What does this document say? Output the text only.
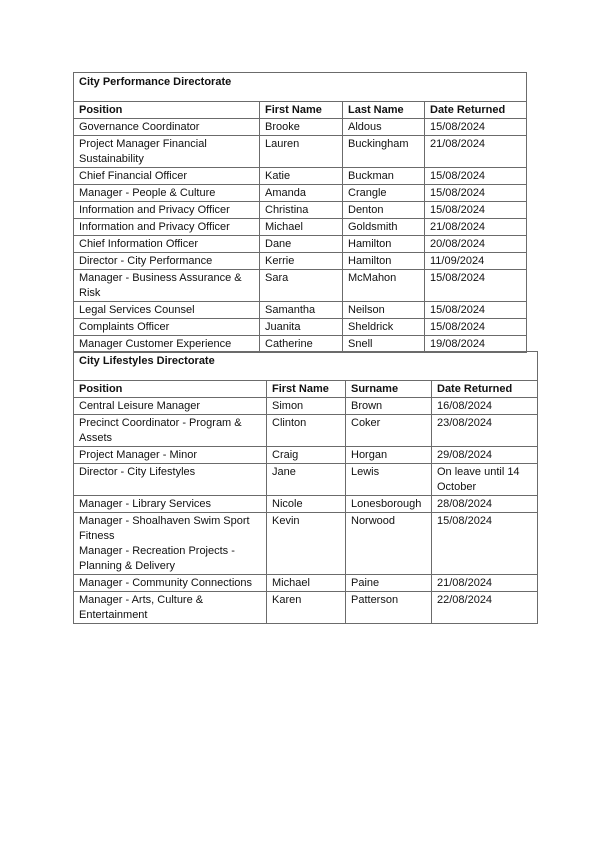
City Performance Directorate			
Position	First Name	Last Name	Date Returned
Governance Coordinator	Brooke	Aldous	15/08/2024
Project Manager Financial Sustainability	Lauren	Buckingham	21/08/2024
Chief Financial Officer	Katie	Buckman	15/08/2024
Manager - People & Culture	Amanda	Crangle	15/08/2024
Information and Privacy Officer	Christina	Denton	15/08/2024
Information and Privacy Officer	Michael	Goldsmith	21/08/2024
Chief Information Officer	Dane	Hamilton	20/08/2024
Director - City Performance	Kerrie	Hamilton	11/09/2024
Manager - Business Assurance & Risk	Sara	McMahon	15/08/2024
Legal Services Counsel	Samantha	Neilson	15/08/2024
Complaints Officer	Juanita	Sheldrick	15/08/2024
Manager Customer Experience	Catherine	Snell	19/08/2024
City Lifestyles Directorate			
Position	First Name	Surname	Date Returned

Central Leisure Manager	Simon	Brown	16/08/2024

Precinct Coordinator - Program & Assets	Clinton	Coker	23/08/2024

Project Manager - Minor	Craig	Horgan	29/08/2024

Director - City Lifestyles	Jane	Lewis	On leave until 14 October

Manager - Library Services	Nicole	Lonesborough	28/08/2024

Manager - Shoalhaven Swim Sport Fitness
Manager - Recreation Projects - Planning & Delivery	Kevin	Norwood	15/08/2024

Manager - Community Connections	Michael	Paine	21/08/2024

Manager - Arts, Culture & Entertainment	Karen	Patterson	22/08/2024
